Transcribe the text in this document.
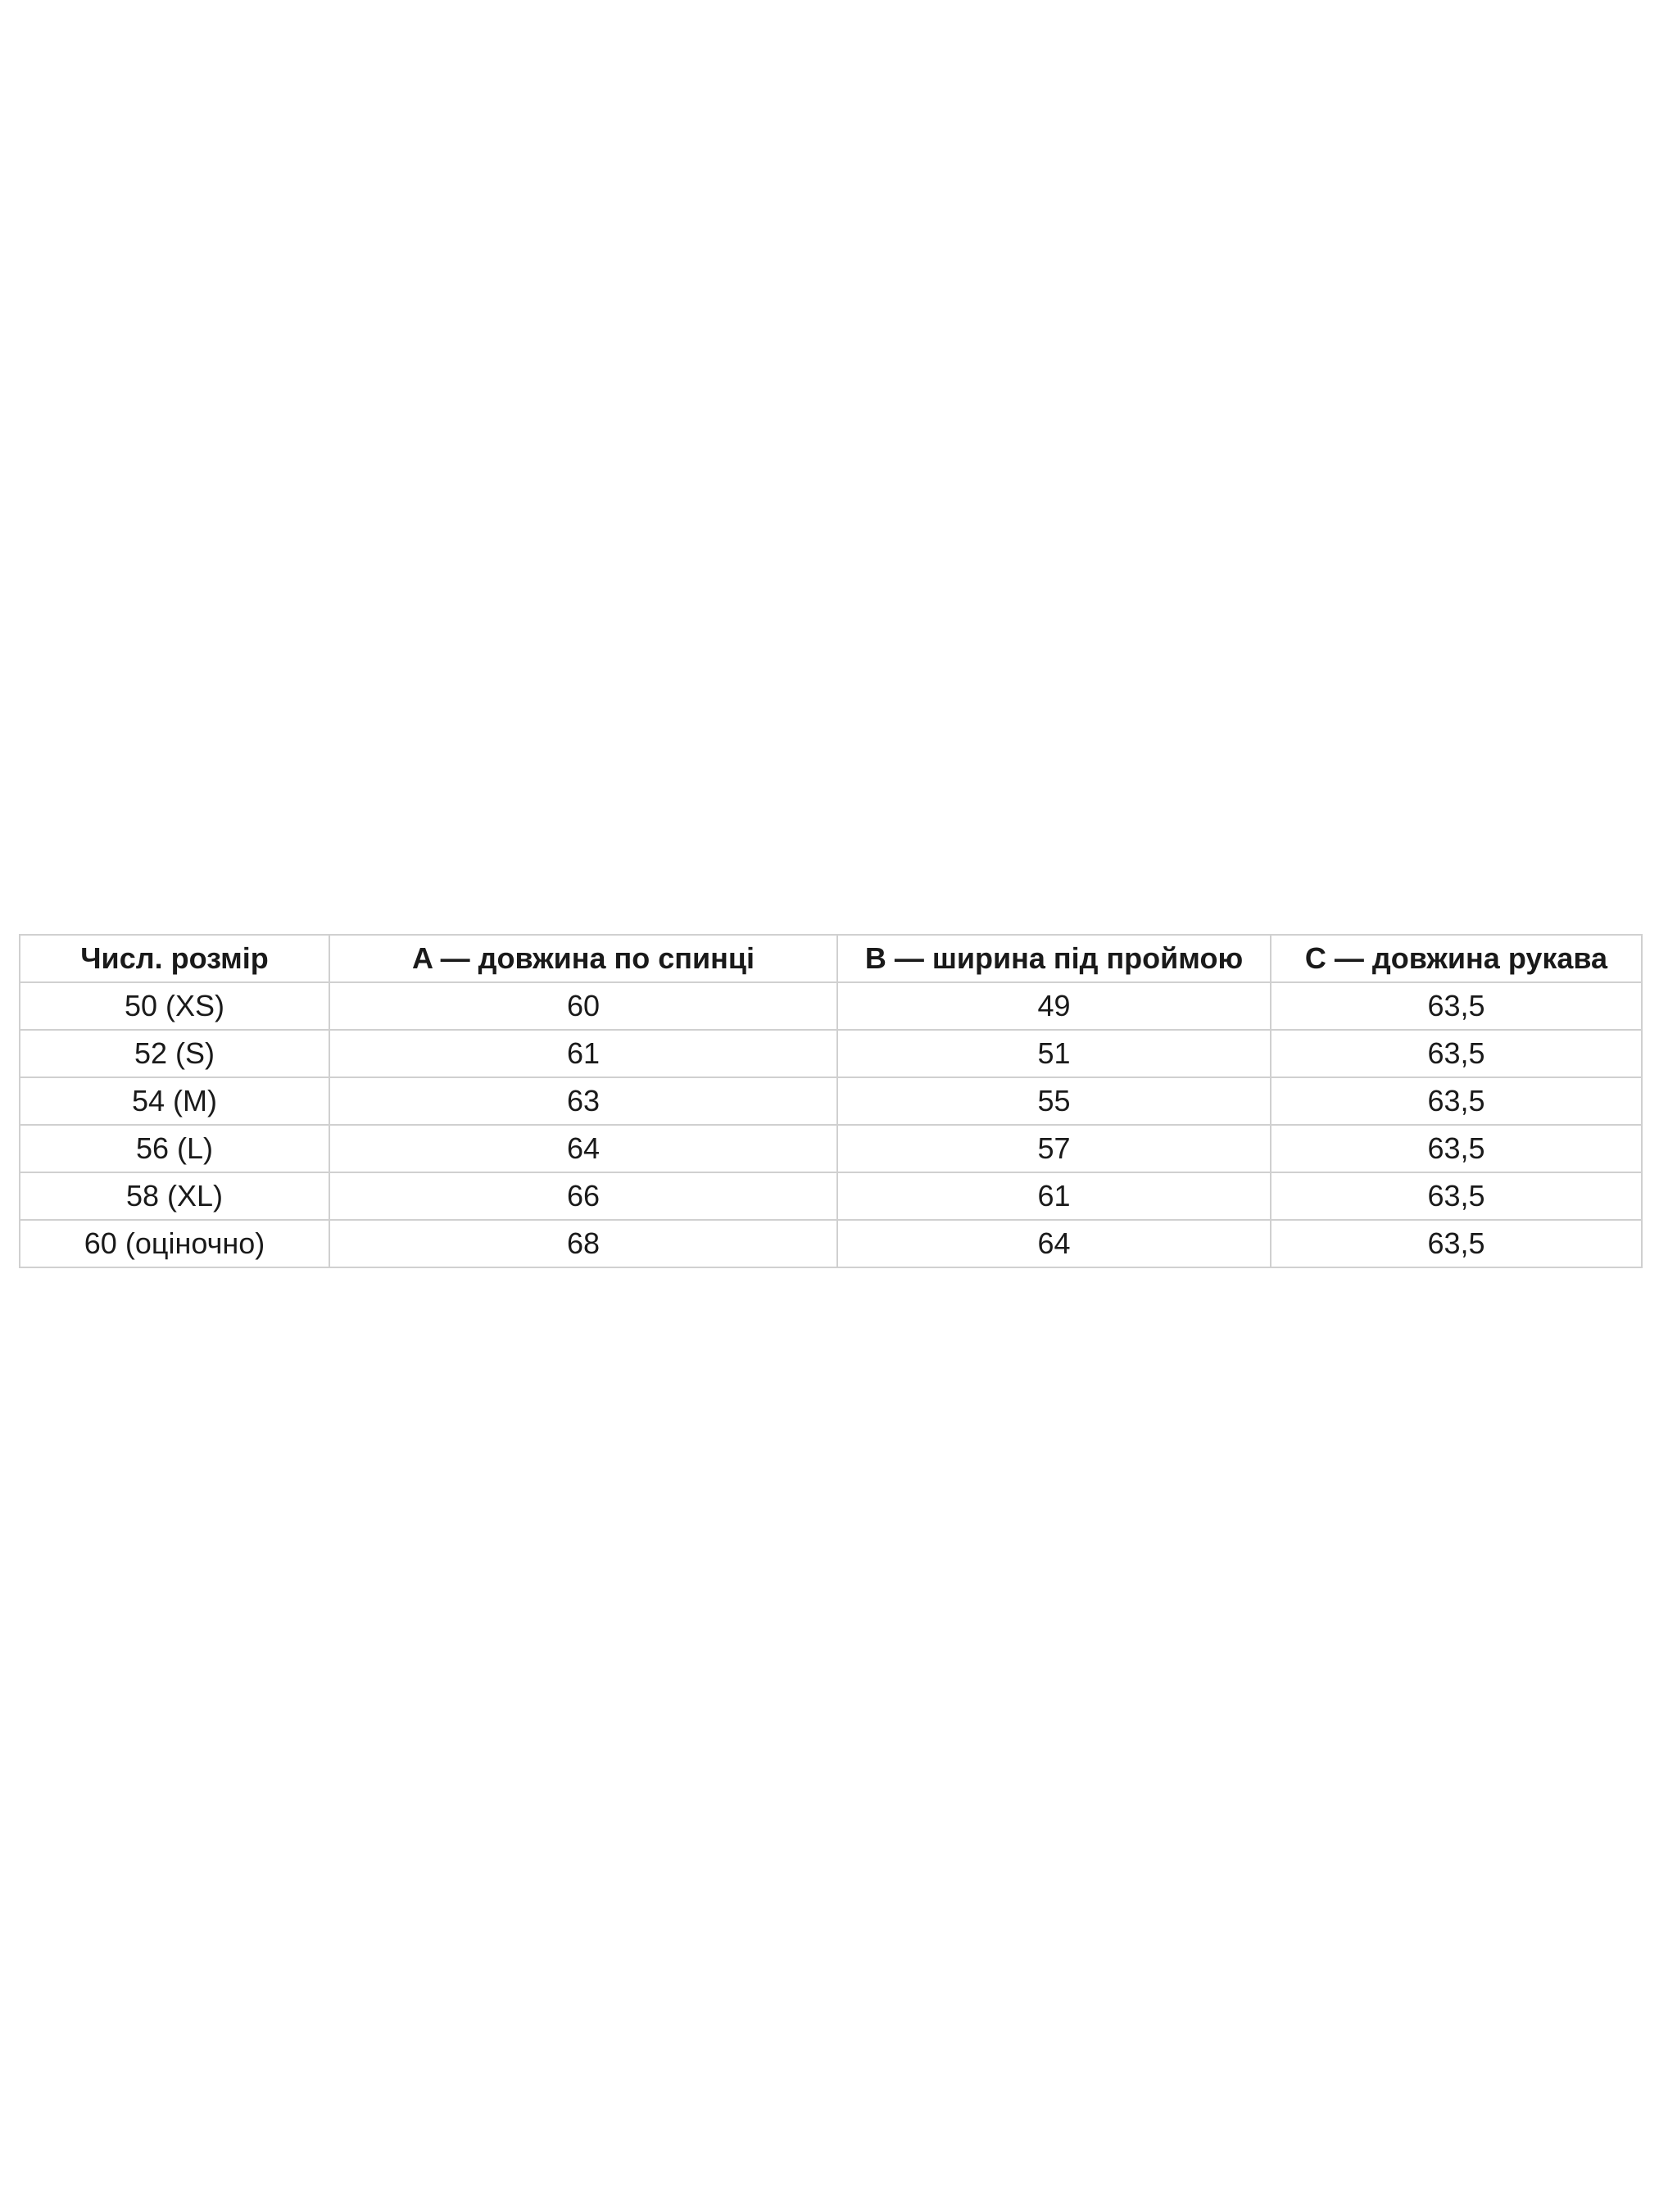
Числ. розмір	A — довжина по спинці	B — ширина під проймою	C — довжина рукава
50 (XS)	60	49	63,5
52 (S)	61	51	63,5
54 (M)	63	55	63,5
56 (L)	64	57	63,5
58 (XL)	66	61	63,5
60 (оціночно)	68	64	63,5
